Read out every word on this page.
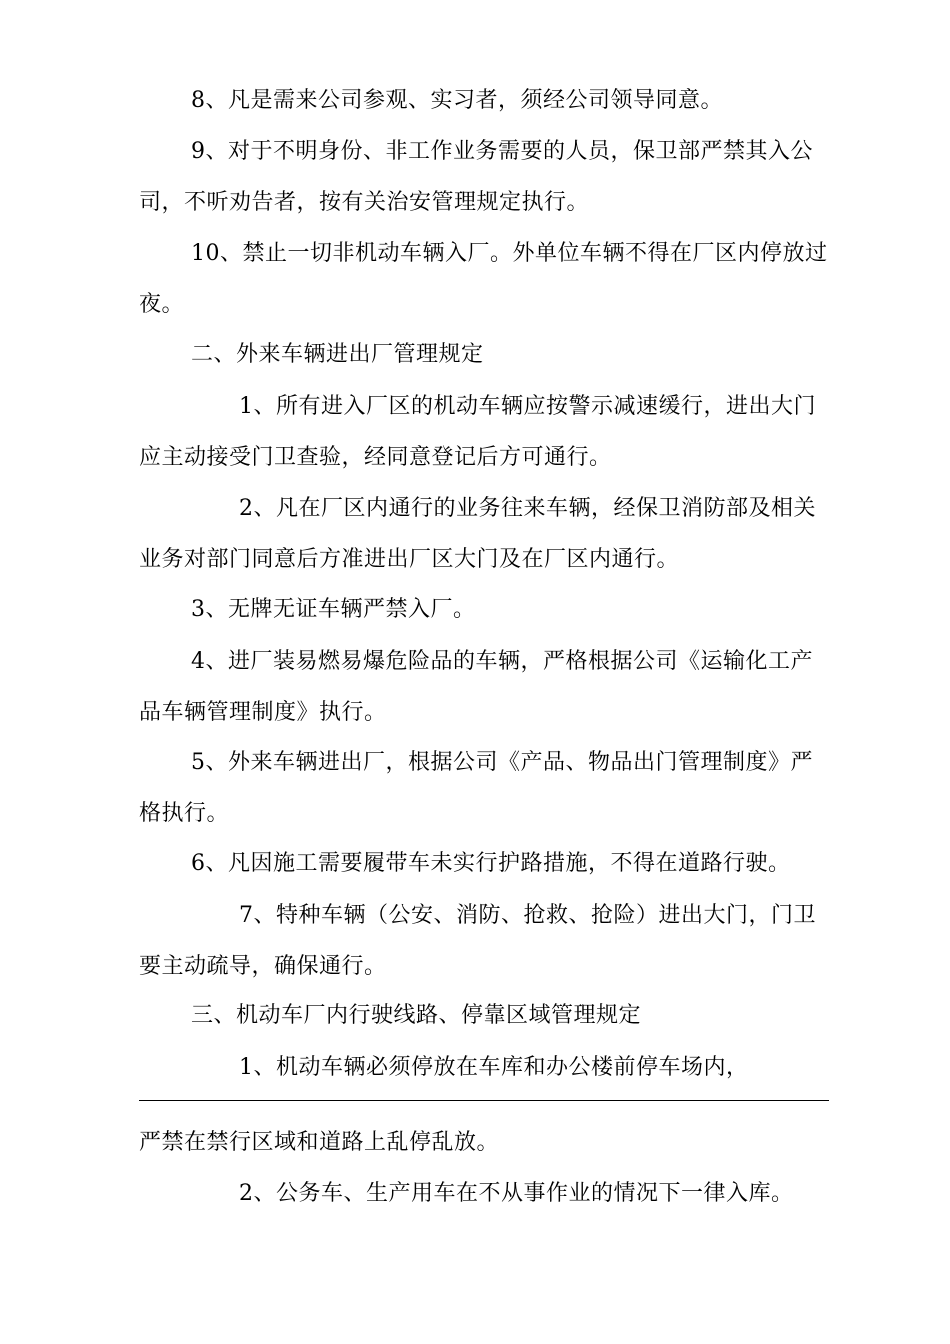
8、凡是需来公司参观、实习者，须经公司领导同意。

9、对于不明身份、非工作业务需要的人员，保卫部严禁其入公司，不听劝告者，按有关治安管理规定执行。

10、禁止一切非机动车辆入厂。外单位车辆不得在厂区内停放过夜。

二、外来车辆进出厂管理规定

1、所有进入厂区的机动车辆应按警示减速缓行，进出大门应主动接受门卫查验，经同意登记后方可通行。

2、凡在厂区内通行的业务往来车辆，经保卫消防部及相关业务对部门同意后方准进出厂区大门及在厂区内通行。

3、无牌无证车辆严禁入厂。

4、进厂装易燃易爆危险品的车辆，严格根据公司《运输化工产品车辆管理制度》执行。

5、外来车辆进出厂，根据公司《产品、物品出门管理制度》严格执行。

6、凡因施工需要履带车未实行护路措施，不得在道路行驶。

7、特种车辆（公安、消防、抢救、抢险）进出大门，门卫要主动疏导，确保通行。

三、机动车厂内行驶线路、停靠区域管理规定

1、机动车辆必须停放在车库和办公楼前停车场内，

严禁在禁行区域和道路上乱停乱放。

2、公务车、生产用车在不从事作业的情况下一律入库。
